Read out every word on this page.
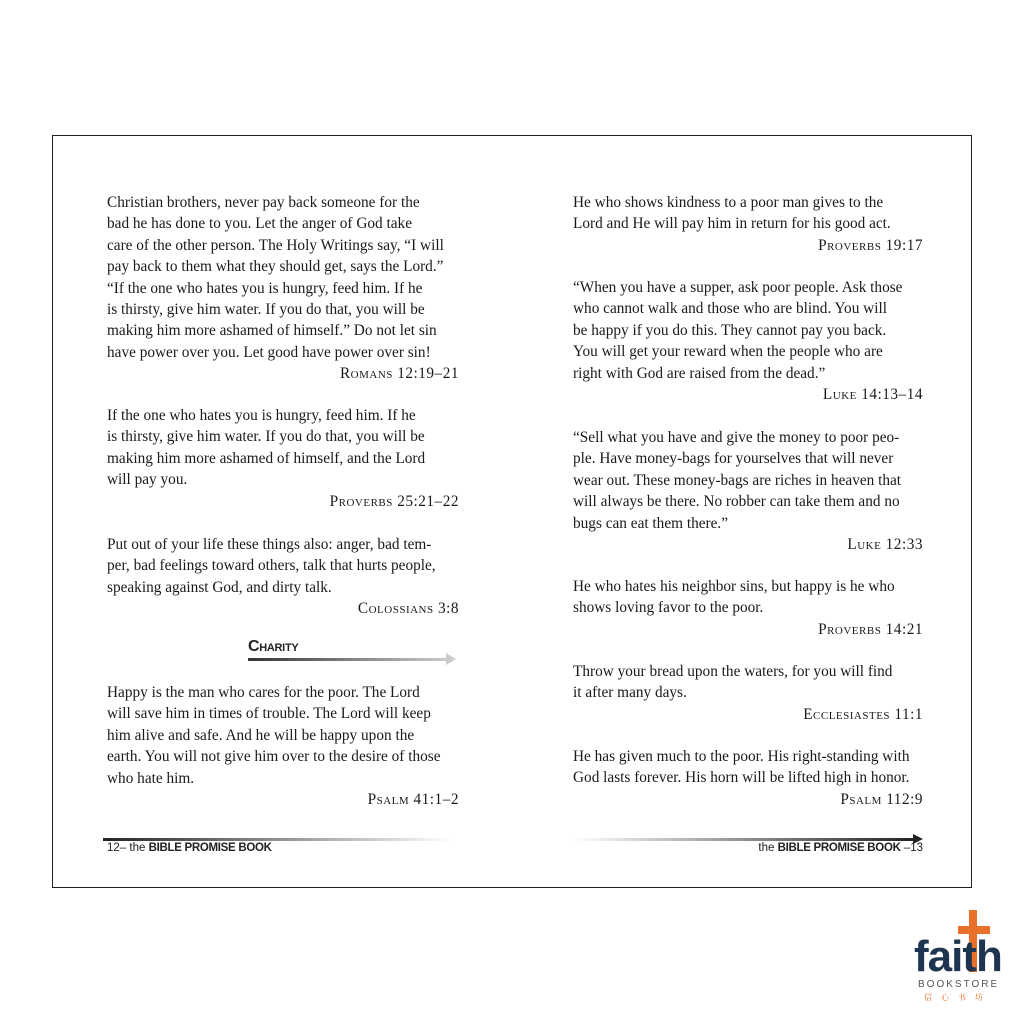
Christian brothers, never pay back someone for the
bad he has done to you. Let the anger of God take
care of the other person. The Holy Writings say, “I will
pay back to them what they should get, says the Lord.”
“If the one who hates you is hungry, feed him. If he
is thirsty, give him water. If you do that, you will be
making him more ashamed of himself.” Do not let sin
have power over you. Let good have power over sin!
Romans 12:19–21
If the one who hates you is hungry, feed him. If he
is thirsty, give him water. If you do that, you will be
making him more ashamed of himself, and the Lord
will pay you.
Proverbs 25:21–22
Put out of your life these things also: anger, bad tem-
per, bad feelings toward others, talk that hurts people,
speaking against God, and dirty talk.
Colossians 3:8
Happy is the man who cares for the poor. The Lord
will save him in times of trouble. The Lord will keep
him alive and safe. And he will be happy upon the
earth. You will not give him over to the desire of those
who hate him.
Psalm 41:1–2
He who shows kindness to a poor man gives to the
Lord and He will pay him in return for his good act.
Proverbs 19:17
“When you have a supper, ask poor people. Ask those
who cannot walk and those who are blind. You will
be happy if you do this. They cannot pay you back.
You will get your reward when the people who are
right with God are raised from the dead.”
Luke 14:13–14
“Sell what you have and give the money to poor peo-
ple. Have money-bags for yourselves that will never
wear out. These money-bags are riches in heaven that
will always be there. No robber can take them and no
bugs can eat them there.”
Luke 12:33
He who hates his neighbor sins, but happy is he who
shows loving favor to the poor.
Proverbs 14:21
Throw your bread upon the waters, for you will find
it after many days.
Ecclesiastes 11:1
He has given much to the poor. His right-standing with
God lasts forever. His horn will be lifted high in honor.
Psalm 112:9
Charity
12– the BIBLE PROMISE BOOK	the BIBLE PROMISE BOOK –13
faith
BOOKSTORE
信心书坊
